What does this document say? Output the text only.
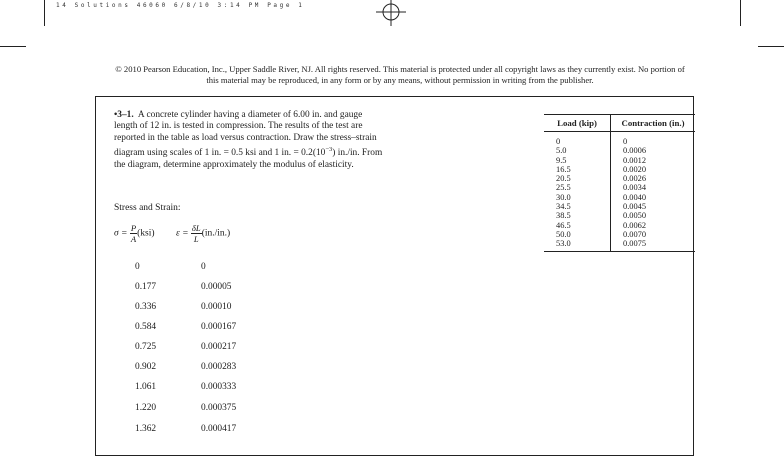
14 Solutions 46060 6/8/10 3:14 PM Page 1
© 2010 Pearson Education, Inc., Upper Saddle River, NJ. All rights reserved. This material is protected under all copyright laws as they currently exist. No portion of this material may be reproduced, in any form or by any means, without permission in writing from the publisher.
•3–1. A concrete cylinder having a diameter of 6.00 in. and gauge length of 12 in. is tested in compression. The results of the test are reported in the table as load versus contraction. Draw the stress–strain diagram using scales of 1 in. = 0.5 ksi and 1 in. = $0.2(10^{-3})$ in./in. From the diagram, determine approximately the modulus of elasticity.
Stress and Strain:
$\sigma = \frac{P}{A} (ksi) \varepsilon = \frac{\delta L}{L} (in./in.)$
0	0
0.177	0.00005
0.336	0.00010
0.584	0.000167
0.725	0.000217
0.902	0.000283
1.061	0.000333
1.220	0.000375
1.362	0.000417
Load (kip)	Contraction (in.)
0	0
5.0	0.0006
9.5	0.0012
16.5	0.0020
20.5	0.0026
25.5	0.0034
30.0	0.0040
34.5	0.0045
38.5	0.0050
46.5	0.0062
50.0	0.0070
53.0	0.0075
